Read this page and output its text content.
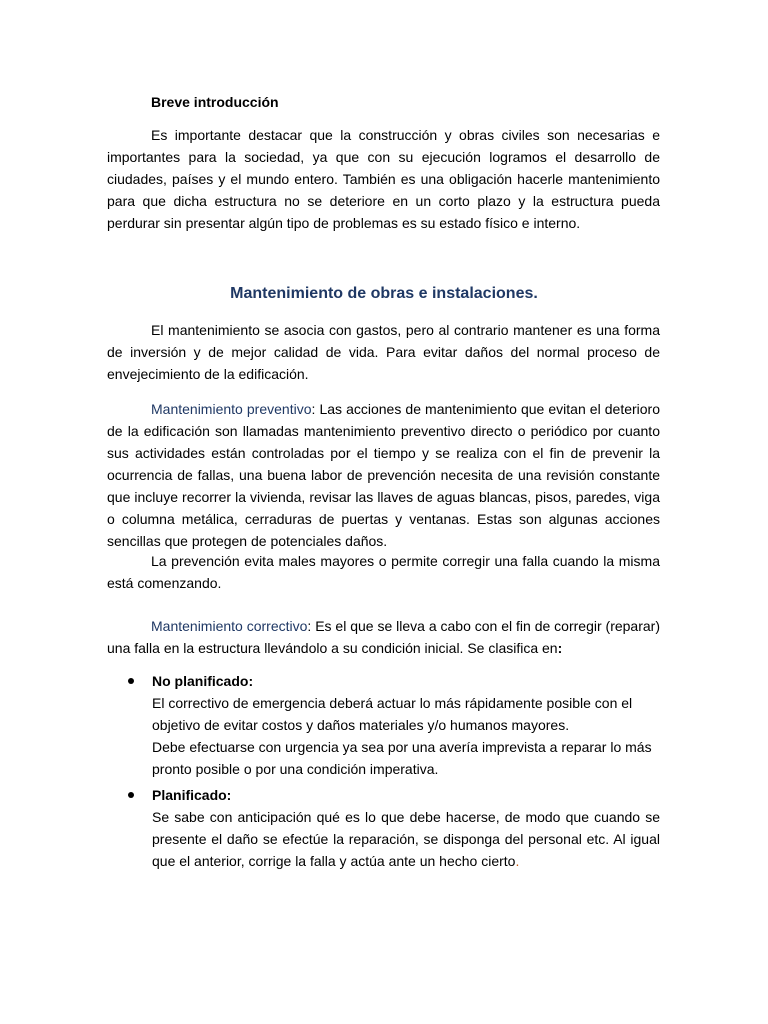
Breve introducción
Es importante destacar que la construcción y obras civiles son necesarias e importantes para la sociedad, ya que con su ejecución logramos el desarrollo de ciudades, países y el mundo entero. También es una obligación hacerle mantenimiento para que dicha estructura no se deteriore en un corto plazo y la estructura pueda perdurar sin presentar algún tipo de problemas es su estado físico e interno.
Mantenimiento de obras e instalaciones.
El mantenimiento se asocia con gastos, pero al contrario mantener es una forma de inversión y de mejor calidad de vida. Para evitar daños del normal proceso de envejecimiento de la edificación.
Mantenimiento preventivo: Las acciones de mantenimiento que evitan el deterioro de la edificación son llamadas mantenimiento preventivo directo o periódico por cuanto sus actividades están controladas por el tiempo y se realiza con el fin de prevenir la ocurrencia de fallas, una buena labor de prevención necesita de una revisión constante que incluye recorrer la vivienda, revisar las llaves de aguas blancas, pisos, paredes, viga o columna metálica, cerraduras de puertas y ventanas. Estas son algunas acciones sencillas que protegen de potenciales daños.
La prevención evita males mayores o permite corregir una falla cuando la misma está comenzando.
Mantenimiento correctivo: Es el que se lleva a cabo con el fin de corregir (reparar) una falla en la estructura llevándolo a su condición inicial. Se clasifica en:
No planificado:
El correctivo de emergencia deberá actuar lo más rápidamente posible con el objetivo de evitar costos y daños materiales y/o humanos mayores.
Debe efectuarse con urgencia ya sea por una avería imprevista a reparar lo más pronto posible o por una condición imperativa.
Planificado:
Se sabe con anticipación qué es lo que debe hacerse, de modo que cuando se presente el daño se efectúe la reparación, se disponga del personal etc. Al igual que el anterior, corrige la falla y actúa ante un hecho cierto.
